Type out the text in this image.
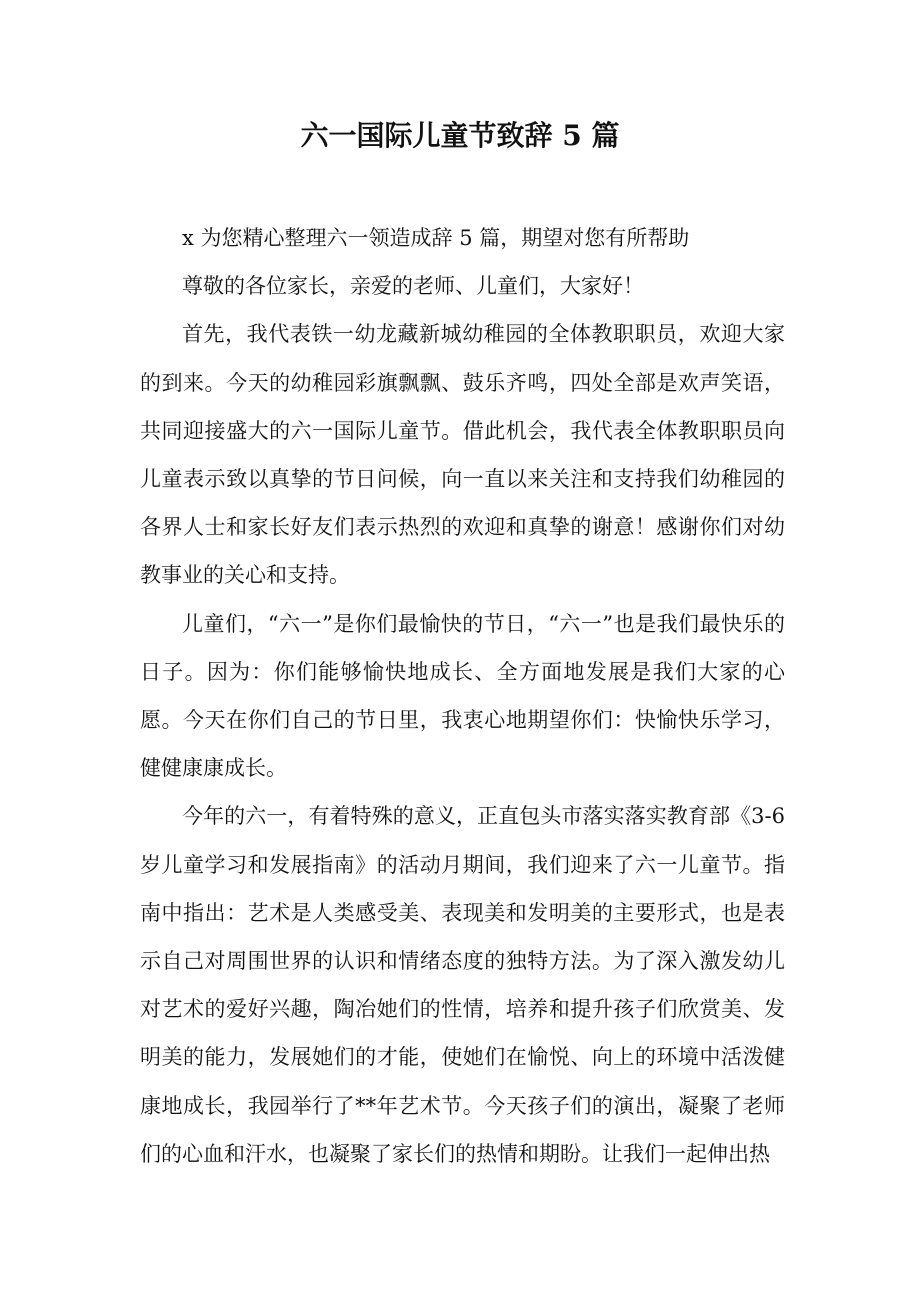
六一国际儿童节致辞 5 篇

x 为您精心整理六一领造成辞 5 篇，期望对您有所帮助

尊敬的各位家长，亲爱的老师、儿童们，大家好！

首先，我代表铁一幼龙藏新城幼稚园的全体教职职员，欢迎大家的到来。今天的幼稚园彩旗飘飘、鼓乐齐鸣，四处全部是欢声笑语，共同迎接盛大的六一国际儿童节。借此机会，我代表全体教职职员向儿童表示致以真挚的节日问候，向一直以来关注和支持我们幼稚园的各界人士和家长好友们表示热烈的欢迎和真挚的谢意！感谢你们对幼教事业的关心和支持。

儿童们，“六一”是你们最愉快的节日，“六一”也是我们最快乐的日子。因为：你们能够愉快地成长、全方面地发展是我们大家的心愿。今天在你们自己的节日里，我衷心地期望你们：快愉快乐学习，健健康康成长。

今年的六一，有着特殊的意义，正直包头市落实落实教育部《3-6 岁儿童学习和发展指南》的活动月期间，我们迎来了六一儿童节。指南中指出：艺术是人类感受美、表现美和发明美的主要形式，也是表示自己对周围世界的认识和情绪态度的独特方法。为了深入激发幼儿对艺术的爱好兴趣，陶冶她们的性情，培养和提升孩子们欣赏美、发明美的能力，发展她们的才能，使她们在愉悦、向上的环境中活泼健康地成长，我园举行了**年艺术节。今天孩子们的演出，凝聚了老师们的心血和汗水，也凝聚了家长们的热情和期盼。让我们一起伸出热
